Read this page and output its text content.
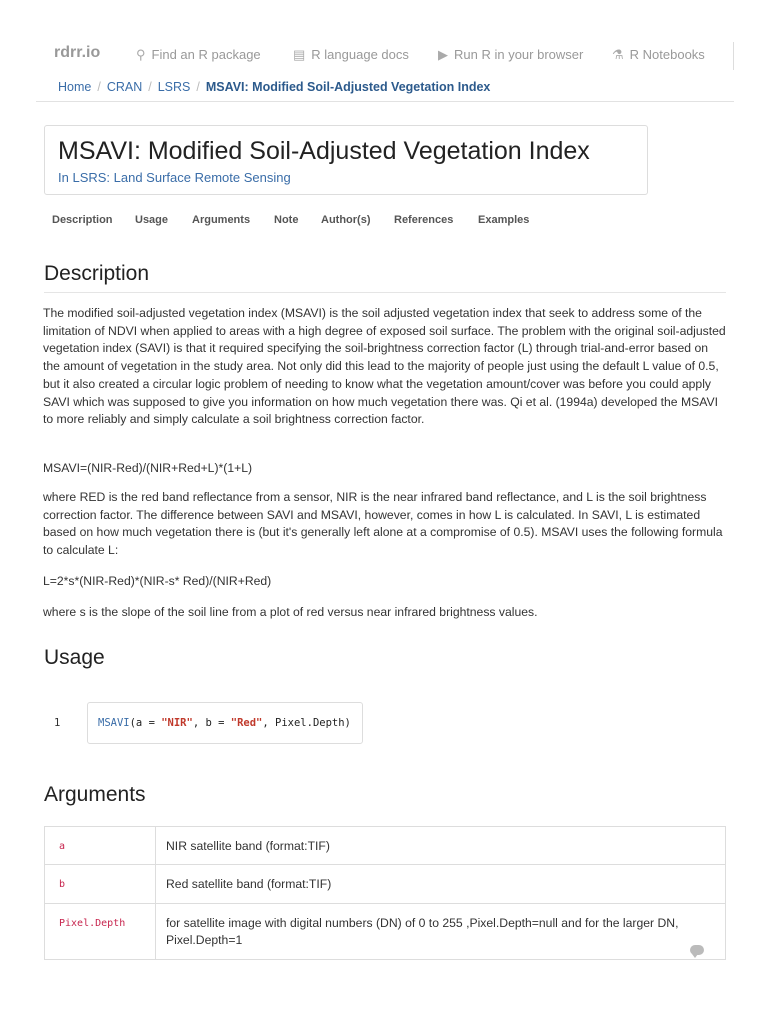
rdrr.io	⚲ Find an R package ▤ R language docs ▶ Run R in your browser ⚗ R Notebooks
Home / CRAN / LSRS / MSAVI: Modified Soil-Adjusted Vegetation Index
MSAVI: Modified Soil-Adjusted Vegetation Index
In LSRS: Land Surface Remote Sensing
Description Usage Arguments Note Author(s) References Examples
Description

The modified soil-adjusted vegetation index (MSAVI) is the soil adjusted vegetation index that seek to address some of the limitation of NDVI when applied to areas with a high degree of exposed soil surface. The problem with the original soil-adjusted vegetation index (SAVI) is that it required specifying the soil-brightness correction factor (L) through trial-and-error based on the amount of vegetation in the study area. Not only did this lead to the majority of people just using the default L value of 0.5, but it also created a circular logic problem of needing to know what the vegetation amount/cover was before you could apply SAVI which was supposed to give you information on how much vegetation there was. Qi et al. (1994a) developed the MSAVI to more reliably and simply calculate a soil brightness correction factor.

MSAVI=(NIR-Red)/(NIR+Red+L)*(1+L)

where RED is the red band reflectance from a sensor, NIR is the near infrared band reflectance, and L is the soil brightness correction factor. The difference between SAVI and MSAVI, however, comes in how L is calculated. In SAVI, L is estimated based on how much vegetation there is (but it's generally left alone at a compromise of 0.5). MSAVI uses the following formula to calculate L:

L=2*s*(NIR-Red)*(NIR-s* Red)/(NIR+Red)

where s is the slope of the soil line from a plot of red versus near infrared brightness values.

Usage
1	MSAVI(a = "NIR", b = "Red", Pixel.Depth)
Arguments
a	NIR satellite band (format:TIF)
b	Red satellite band (format:TIF)
Pixel.Depth	for satellite image with digital numbers (DN) of 0 to 255 ,Pixel.Depth=null and for the larger DN, Pixel.Depth=1
